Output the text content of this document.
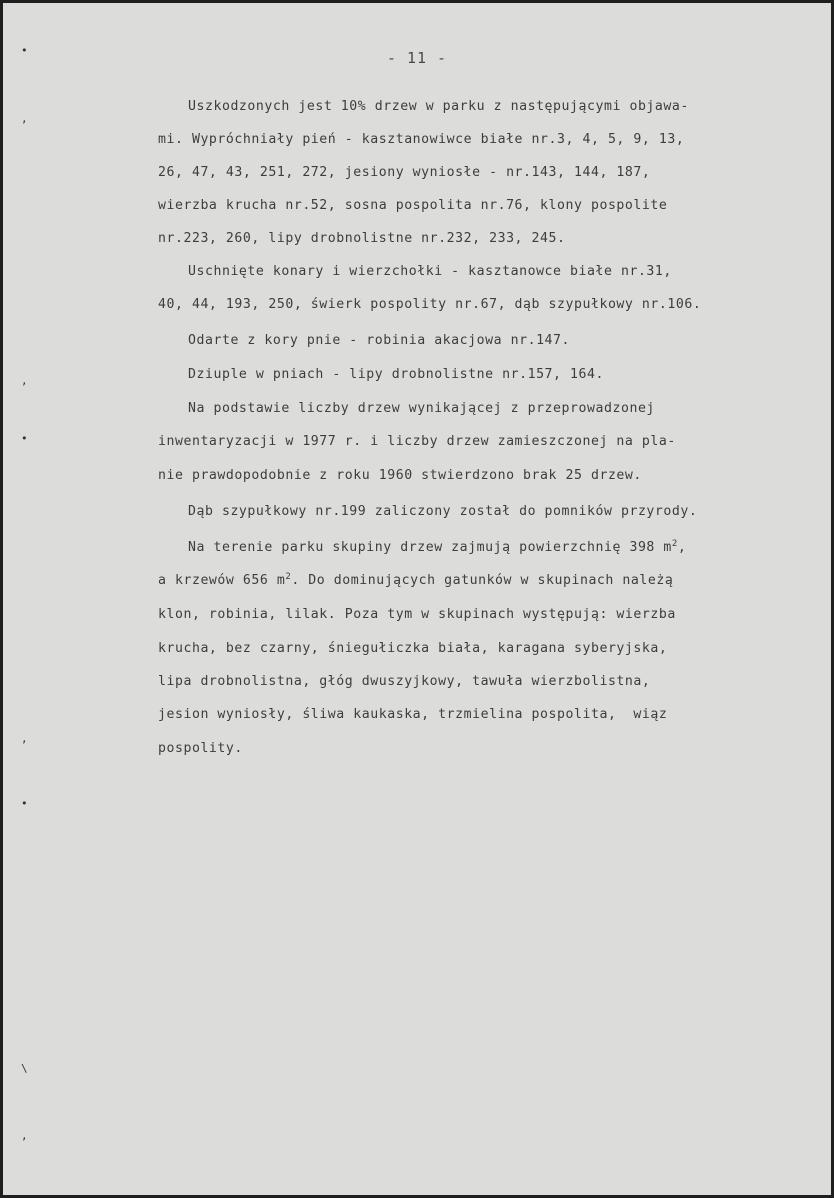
- 11 -
Uszkodzonych jest 10% drzew w parku z następującymi objawa-
mi. Wypróchniały pień - kasztanowiwce białe nr.3, 4, 5, 9, 13,
26, 47, 43, 251, 272, jesiony wyniosłe - nr.143, 144, 187,
wierzba krucha nr.52, sosna pospolita nr.76, klony pospolite
nr.223, 260, lipy drobnolistne nr.232, 233, 245.
Uschnięte konary i wierzchołki - kasztanowce białe nr.31,
40, 44, 193, 250, świerk pospolity nr.67, dąb szypułkowy nr.106.
Odarte z kory pnie - robinia akacjowa nr.147.
Dziuple w pniach - lipy drobnolistne nr.157, 164.
Na podstawie liczby drzew wynikającej z przeprowadzonej
inwentaryzacji w 1977 r. i liczby drzew zamieszczonej na pla-
nie prawdopodobnie z roku 1960 stwierdzono brak 25 drzew.
Dąb szypułkowy nr.199 zaliczony został do pomników przyrody.
Na terenie parku skupiny drzew zajmują powierzchnię 398 $m^2$,
a krzewów 656 $m^2$. Do dominujących gatunków w skupinach należą
klon, robinia, lilak. Poza tym w skupinach występują: wierzba
krucha, bez czarny, śniegułiczka biała, karagana syberyjska,
lipa drobnolistna, głóg dwuszyjkowy, tawuła wierzbolistna,
jesion wyniosły, śliwa kaukaska, trzmielina pospolita,  wiąz
pospolity.
•
,
,
•
,
•
\
,
